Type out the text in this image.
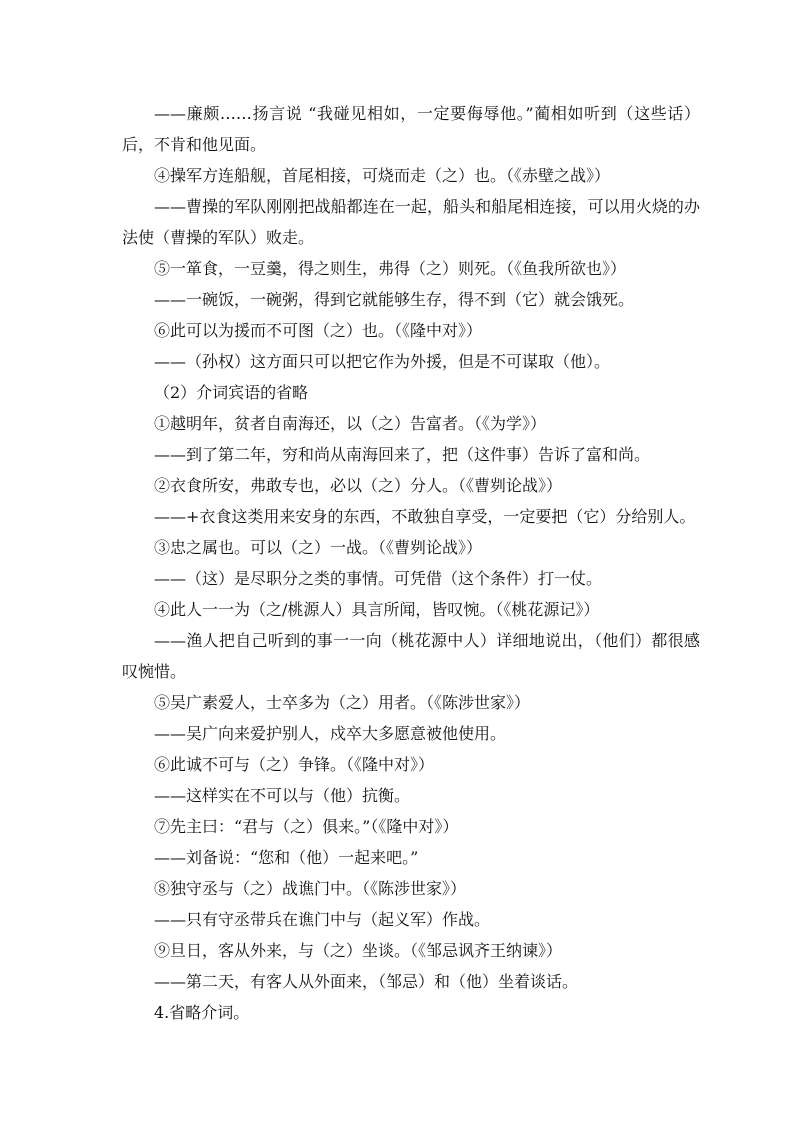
——廉颇……扬言说 “我碰见相如，一定要侮辱他。”蔺相如听到（这些话）后，不肯和他见面。
④操军方连船舰，首尾相接，可烧而走（之）也。（《赤壁之战》）
——曹操的军队刚刚把战船都连在一起，船头和船尾相连接，可以用火烧的办法使（曹操的军队）败走。
⑤一箪食，一豆羹，得之则生，弗得（之）则死。（《鱼我所欲也》）
——一碗饭，一碗粥，得到它就能够生存，得不到（它）就会饿死。
⑥此可以为援而不可图（之）也。（《隆中对》）
——（孙权）这方面只可以把它作为外援，但是不可谋取（他）。
（2）介词宾语的省略
①越明年，贫者自南海还，以（之）告富者。（《为学》）
——到了第二年，穷和尚从南海回来了，把（这件事）告诉了富和尚。
②衣食所安，弗敢专也，必以（之）分人。（《曹刿论战》）
——+衣食这类用来安身的东西，不敢独自享受，一定要把（它）分给别人。
③忠之属也。可以（之）一战。（《曹刿论战》）
——（这）是尽职分之类的事情。可凭借（这个条件）打一仗。
④此人一一为（之/桃源人）具言所闻，皆叹惋。（《桃花源记》）
——渔人把自己听到的事一一向（桃花源中人）详细地说出，（他们）都很感叹惋惜。
⑤吴广素爱人，士卒多为（之）用者。（《陈涉世家》）
——吴广向来爱护别人，戍卒大多愿意被他使用。
⑥此诚不可与（之）争锋。（《隆中对》）
——这样实在不可以与（他）抗衡。
⑦先主曰：“君与（之）俱来。”（《隆中对》）
——刘备说：“您和（他）一起来吧。”
⑧独守丞与（之）战谯门中。（《陈涉世家》）
——只有守丞带兵在谯门中与（起义军）作战。
⑨旦日，客从外来，与（之）坐谈。（《邹忌讽齐王纳谏》）
——第二天，有客人从外面来，（邹忌）和（他）坐着谈话。
4.省略介词。
